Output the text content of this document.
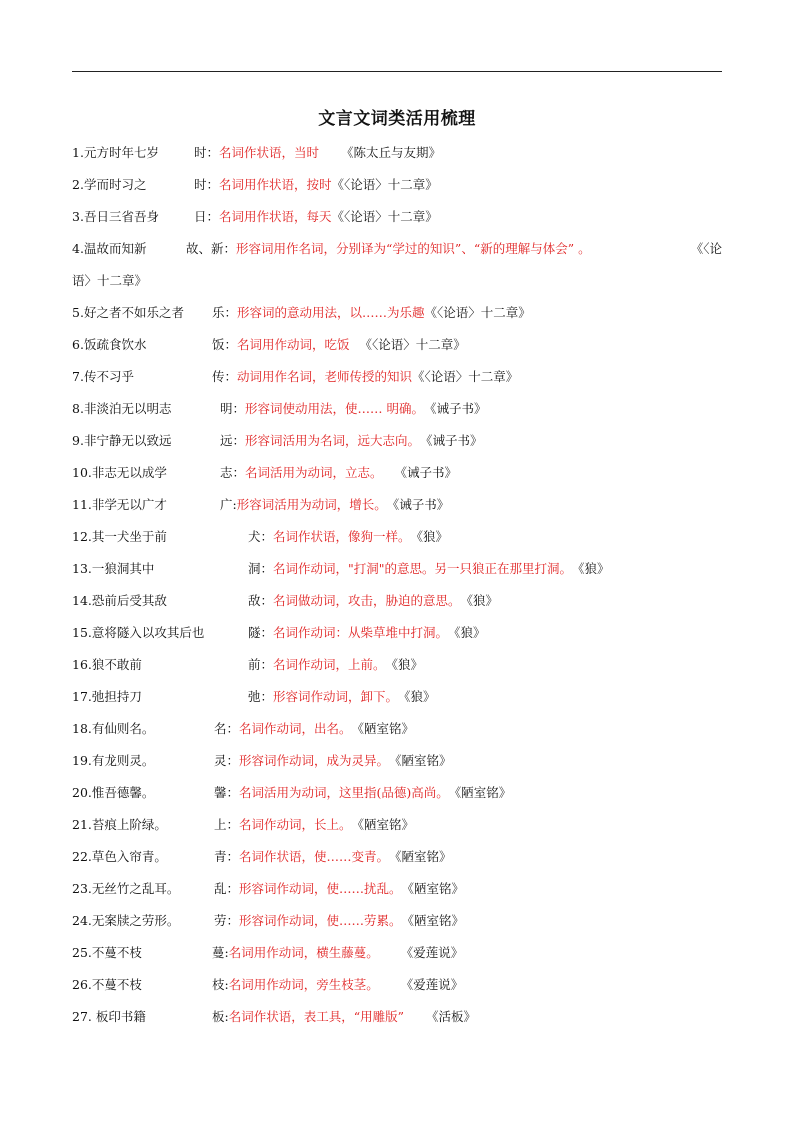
文言文词类活用梳理
1.元方时年七岁	时：名词作状语，当时 《陈太丘与友期》
2.学而时习之	时：名词用作状语，按时《〈论语〉十二章》
3.吾日三省吾身	日：名词用作状语，每天《〈论语〉十二章》
4.温故而知新	故、新：形容词用作名词，分别译为“学过的知识”、“新的理解与体会” 。	《〈论
语〉十二章》
5.好之者不如乐之者 乐：形容词的意动用法，以……为乐趣《〈论语〉十二章》
6.饭疏食饮水	饭：名词用作动词，吃饭 《〈论语〉十二章》
7.传不习乎	传：动词用作名词，老师传授的知识《〈论语〉十二章》
8.非淡泊无以明志	明：形容词使动用法，使…… 明确。《诫子书》
9.非宁静无以致远	远：形容词活用为名词，远大志向。《诫子书》
10.非志无以成学	志：名词活用为动词，立志。 《诫子书》
11.非学无以广才	广:形容词活用为动词，增长。《诫子书》
12.其一犬坐于前	犬：名词作状语，像狗一样。《狼》
13.一狼洞其中	洞：名词作动词，"打洞"的意思。另一只狼正在那里打洞。《狼》
14.恐前后受其敌	敌：名词做动词，攻击，胁迫的意思。《狼》
15.意将隧入以攻其后也	隧：名词作动词：从柴草堆中打洞。《狼》
16.狼不敢前	前：名词作动词，上前。《狼》
17.弛担持刀	弛：形容词作动词，卸下。《狼》
18.有仙则名。	名：名词作动词，出名。《陋室铭》
19.有龙则灵。	灵：形容词作动词，成为灵异。《陋室铭》
20.惟吾德馨。	馨：名词活用为动词，这里指(品德)高尚。《陋室铭》
21.苔痕上阶绿。	上：名词作动词，长上。《陋室铭》
22.草色入帘青。	青：名词作状语，使……变青。《陋室铭》
23.无丝竹之乱耳。	乱：形容词作动词，使……扰乱。《陋室铭》
24.无案牍之劳形。	劳：形容词作动词，使……劳累。《陋室铭》
25.不蔓不枝	蔓:名词用作动词，横生藤蔓。 《爱莲说》
26.不蔓不枝	枝:名词用作动词，旁生枝茎。 《爱莲说》
27. 板印书籍	板:名词作状语，表工具，“用雕版” 《活板》
